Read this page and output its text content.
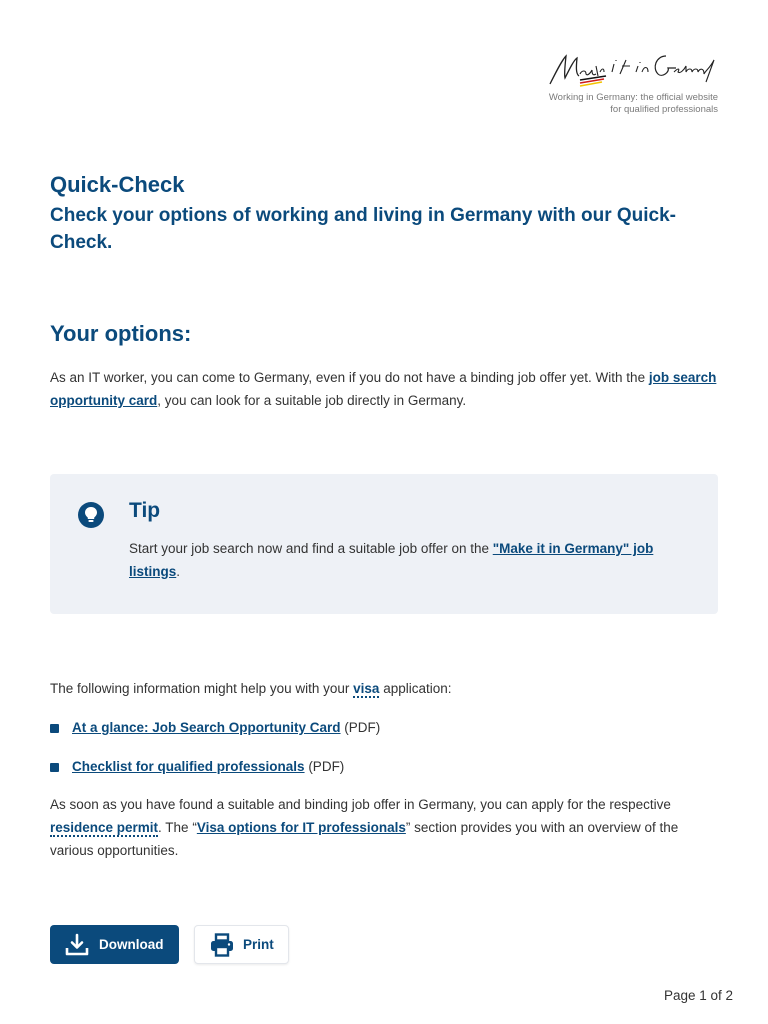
Working in Germany: the official website
for qualified professionals
Quick-Check
Check your options of working and living in Germany with our Quick-Check.
Your options:

As an IT worker, you can come to Germany, even if you do not have a binding job offer yet. With the job search opportunity card, you can look for a suitable job directly in Germany.

Tip

Start your job search now and find a suitable job offer on the "Make it in Germany" job listings.

The following information might help you with your visa application:

At a glance: Job Search Opportunity Card (PDF)
Checklist for qualified professionals (PDF)

As soon as you have found a suitable and binding job offer in Germany, you can apply for the respective residence permit. The “Visa options for IT professionals” section provides you with an overview of the various opportunities.

Download	Print
Page 1 of 2
